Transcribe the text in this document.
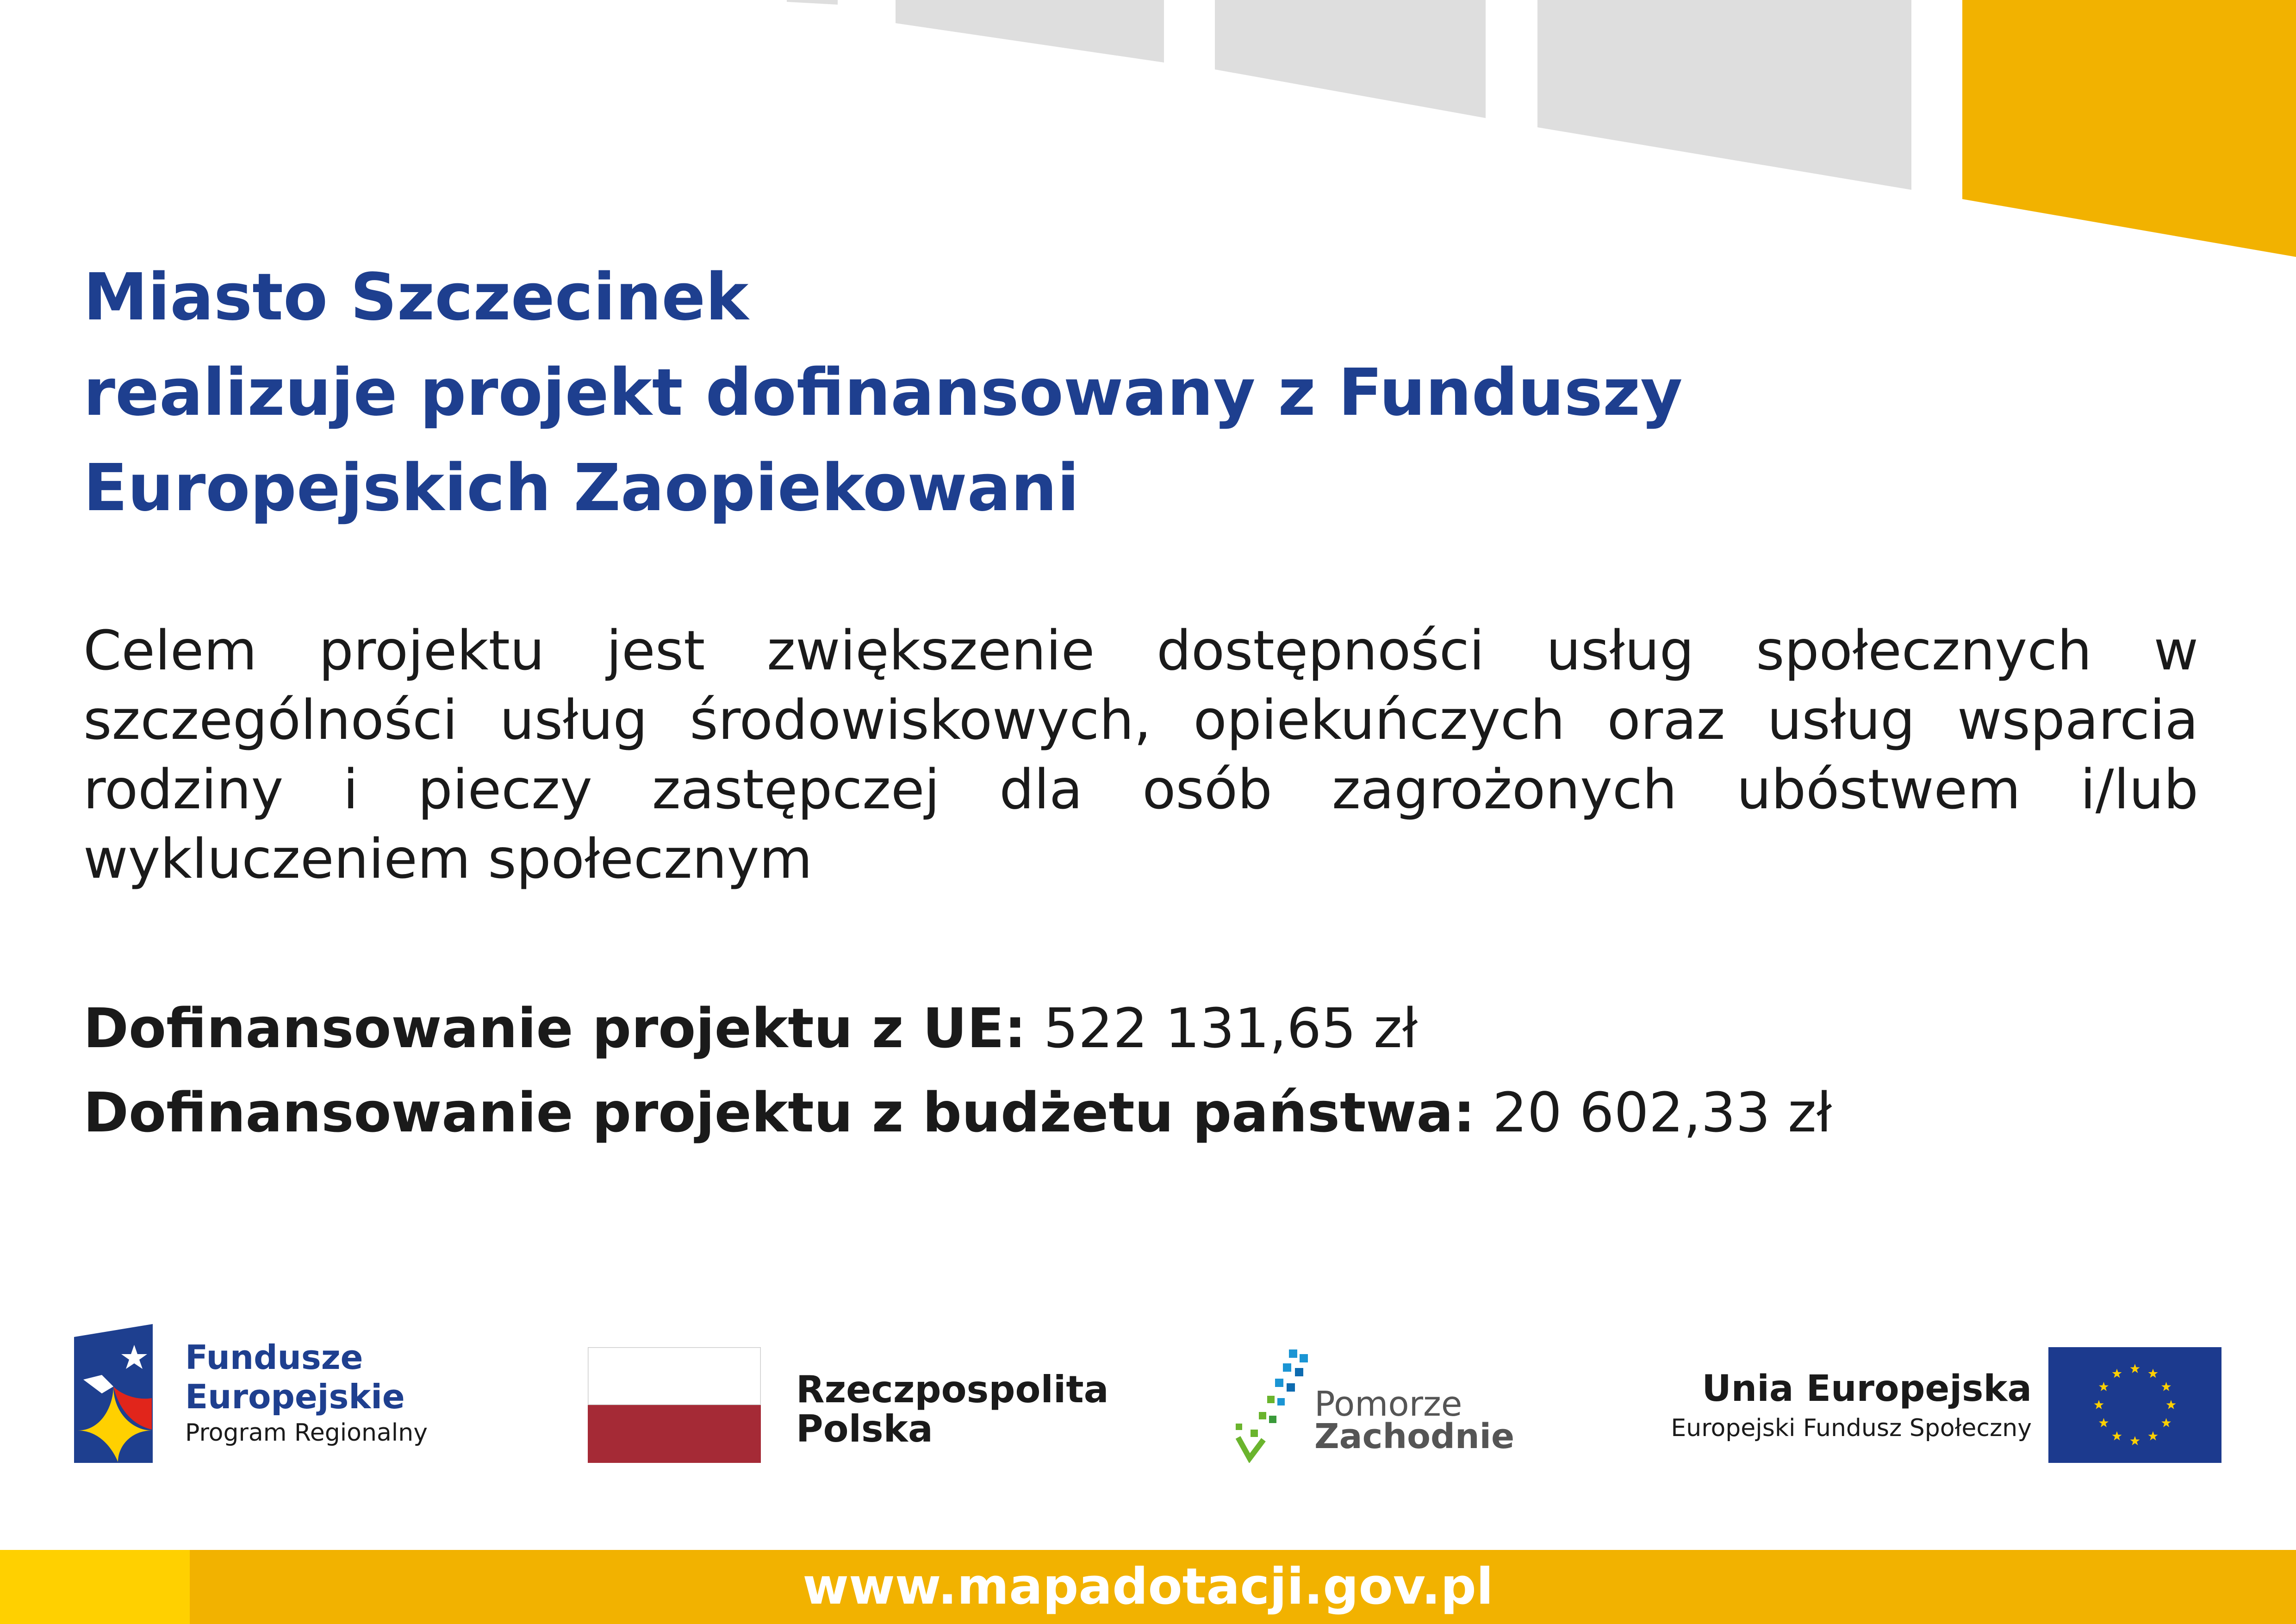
Miasto Szczecinek
realizuje projekt dofinansowany z Funduszy
Europejskich Zaopiekowani

Celem projektu jest zwiększenie dostępności usług społecznych w szczególności usług środowiskowych, opiekuńczych oraz usług wsparcia rodziny i pieczy zastępczej dla osób zagrożonych ubóstwem i/lub wykluczeniem społecznym

Dofinansowanie projektu z UE: 522 131,65 zł
Dofinansowanie projektu z budżetu państwa: 20 602,33 zł
Fundusze
Europejskie
Program Regionalny
Rzeczpospolita
Polska
Pomorze
Zachodnie
Unia Europejska
Europejski Fundusz Społeczny
www.mapadotacji.gov.pl
